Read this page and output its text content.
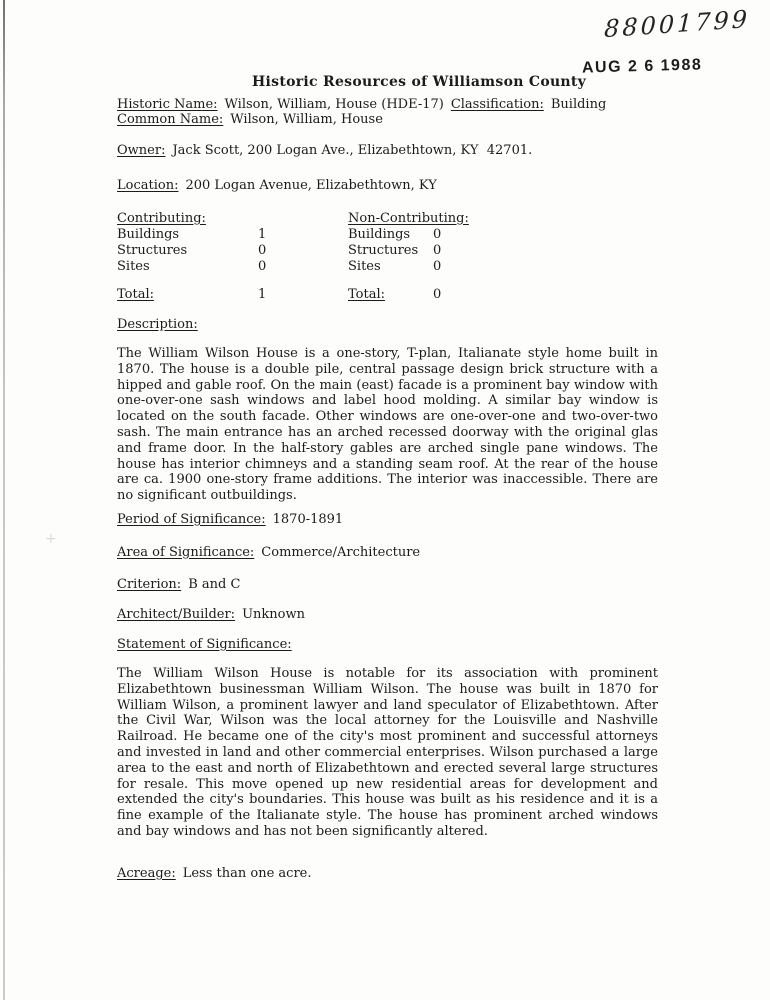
+
88001799
Historic Resources of Williamson County
AUG 2 6 1988
Historic Name: Wilson, William, House (HDE-17) Classification: Building
Common Name: Wilson, William, House
Owner: Jack Scott, 200 Logan Ave., Elizabethtown, KY  42701.
Location: 200 Logan Avenue, Elizabethtown, KY
Contributing:
Buildings	1
Structures	0
Sites	0
Total:	1
Non-Contributing:
Buildings 0
Structures 0
Sites	0
Total:	0
Description:
The William Wilson House is a one-story, T-plan, Italianate style home built in 1870. The house is a double pile, central passage design brick structure with a hipped and gable roof. On the main (east) facade is a prominent bay window with one-over-one sash windows and label hood molding. A similar bay window is located on the south facade. Other windows are one-over-one and two-over-two sash. The main entrance has an arched recessed doorway with the original glas and frame door. In the half-story gables are arched single pane windows. The house has interior chimneys and a standing seam roof. At the rear of the house are ca. 1900 one-story frame additions. The interior was inaccessible. There are no significant outbuildings.
Period of Significance: 1870-1891
Area of Significance: Commerce/Architecture
Criterion: B and C
Architect/Builder: Unknown
Statement of Significance:
The William Wilson House is notable for its association with prominent Elizabethtown businessman William Wilson. The house was built in 1870 for William Wilson, a prominent lawyer and land speculator of Elizabethtown. After the Civil War, Wilson was the local attorney for the Louisville and Nashville Railroad. He became one of the city's most prominent and successful attorneys and invested in land and other commercial enterprises. Wilson purchased a large area to the east and north of Elizabethtown and erected several large structures for resale. This move opened up new residential areas for development and extended the city's boundaries. This house was built as his residence and it is a fine example of the Italianate style. The house has prominent arched windows and bay windows and has not been significantly altered.
Acreage: Less than one acre.
